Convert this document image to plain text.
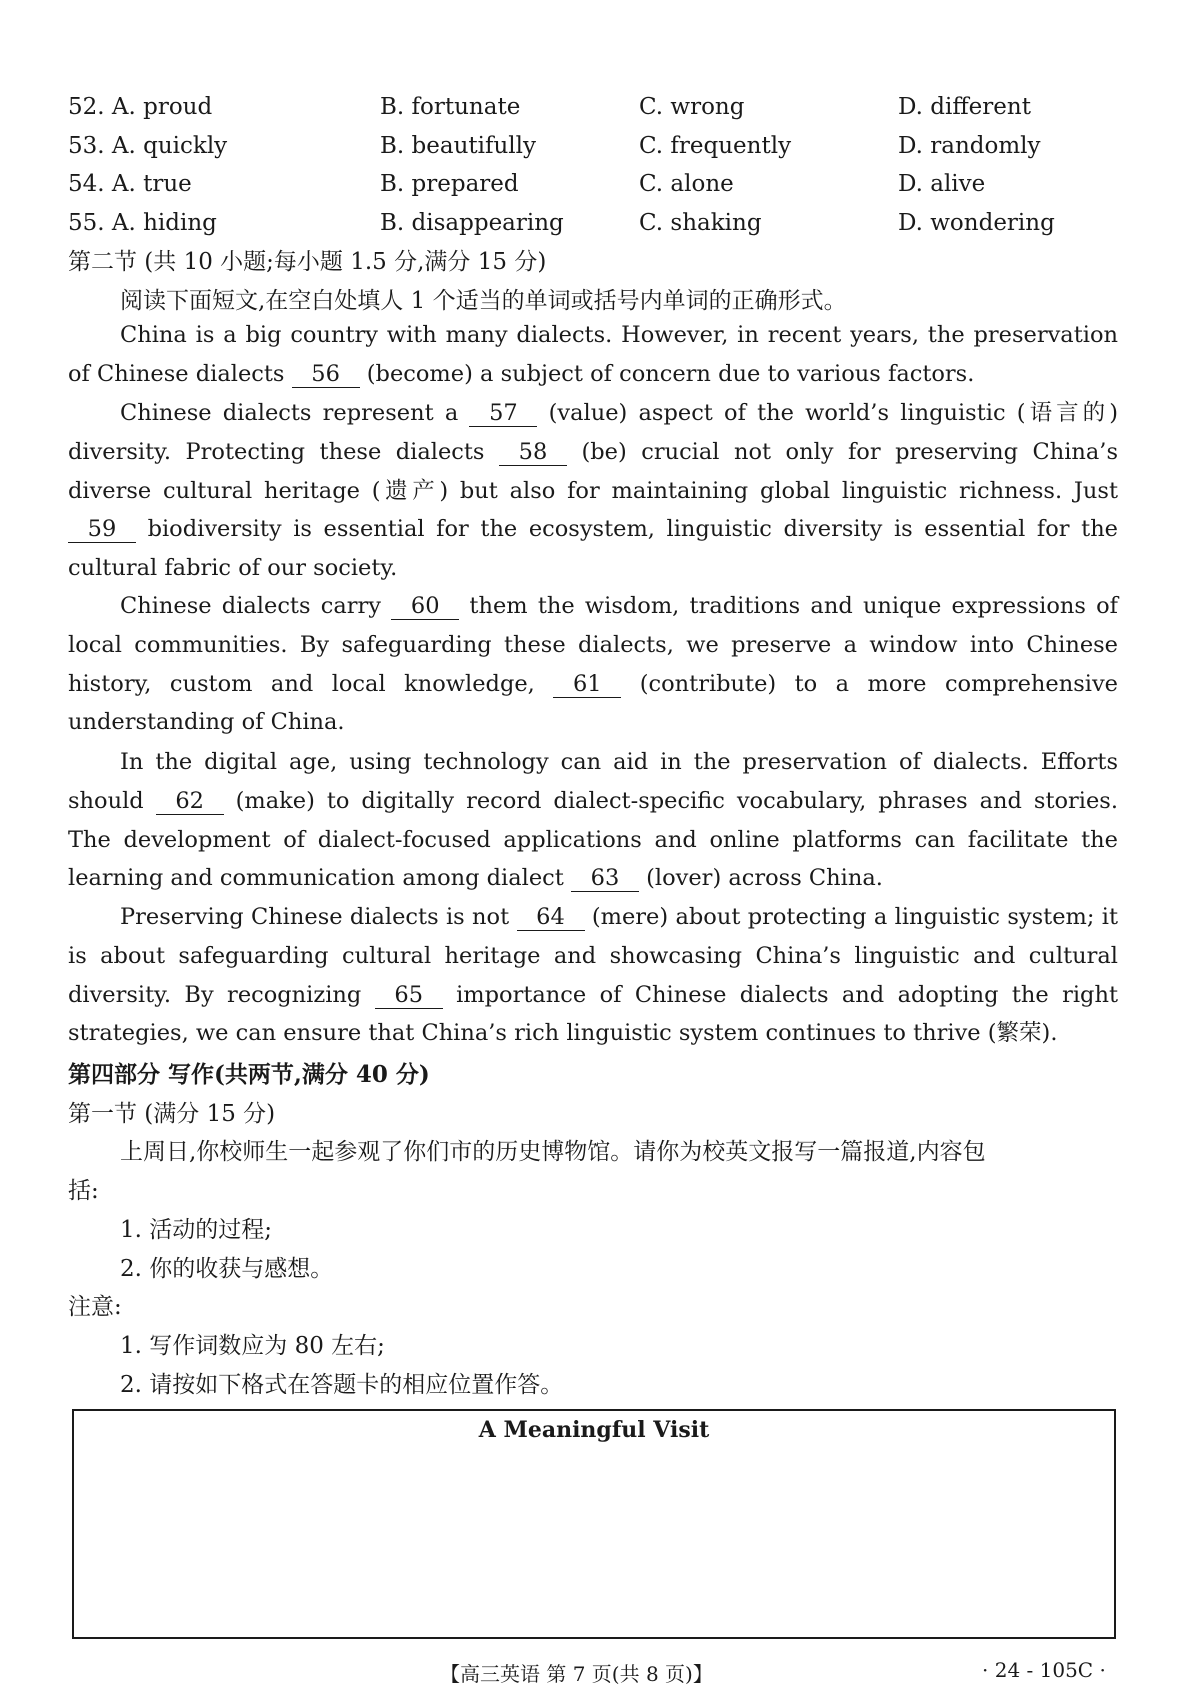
52. A. proud	B. fortunate	C. wrong	D. different
53. A. quickly	B. beautifully	C. frequently	D. randomly
54. A. true	B. prepared	C. alone	D. alive
55. A. hiding	B. disappearing	C. shaking	D. wondering
第二节 (共 10 小题;每小题 1.5 分,满分 15 分)
阅读下面短文,在空白处填人 1 个适当的单词或括号内单词的正确形式。

China is a big country with many dialects. However, in recent years, the preservation of Chinese dialects 56 (become) a subject of concern due to various factors.

Chinese dialects represent a 57 (value) aspect of the world’s linguistic (语言的) diversity. Protecting these dialects 58 (be) crucial not only for preserving China’s diverse cultural heritage (遗产) but also for maintaining global linguistic richness. Just 59 biodiversity is essential for the ecosystem, linguistic diversity is essential for the cultural fabric of our society.

Chinese dialects carry 60 them the wisdom, traditions and unique expressions of local communities. By safeguarding these dialects, we preserve a window into Chinese history, custom and local knowledge, 61 (contribute) to a more comprehensive understanding of China.

In the digital age, using technology can aid in the preservation of dialects. Efforts should 62 (make) to digitally record dialect-specific vocabulary, phrases and stories. The development of dialect-focused applications and online platforms can facilitate the learning and communication among dialect 63 (lover) across China.

Preserving Chinese dialects is not 64 (mere) about protecting a linguistic system; it is about safeguarding cultural heritage and showcasing China’s linguistic and cultural diversity. By recognizing 65 importance of Chinese dialects and adopting the right strategies, we can ensure that China’s rich linguistic system continues to thrive (繁荣).

第四部分 写作(共两节,满分 40 分)
第一节 (满分 15 分)
上周日,你校师生一起参观了你们市的历史博物馆。请你为校英文报写一篇报道,内容包
括:
1. 活动的过程;
2. 你的收获与感想。
注意:
1. 写作词数应为 80 左右;
2. 请按如下格式在答题卡的相应位置作答。
A Meaningful Visit
【高三英语 第 7 页(共 8 页)】	· 24 - 105C ·
